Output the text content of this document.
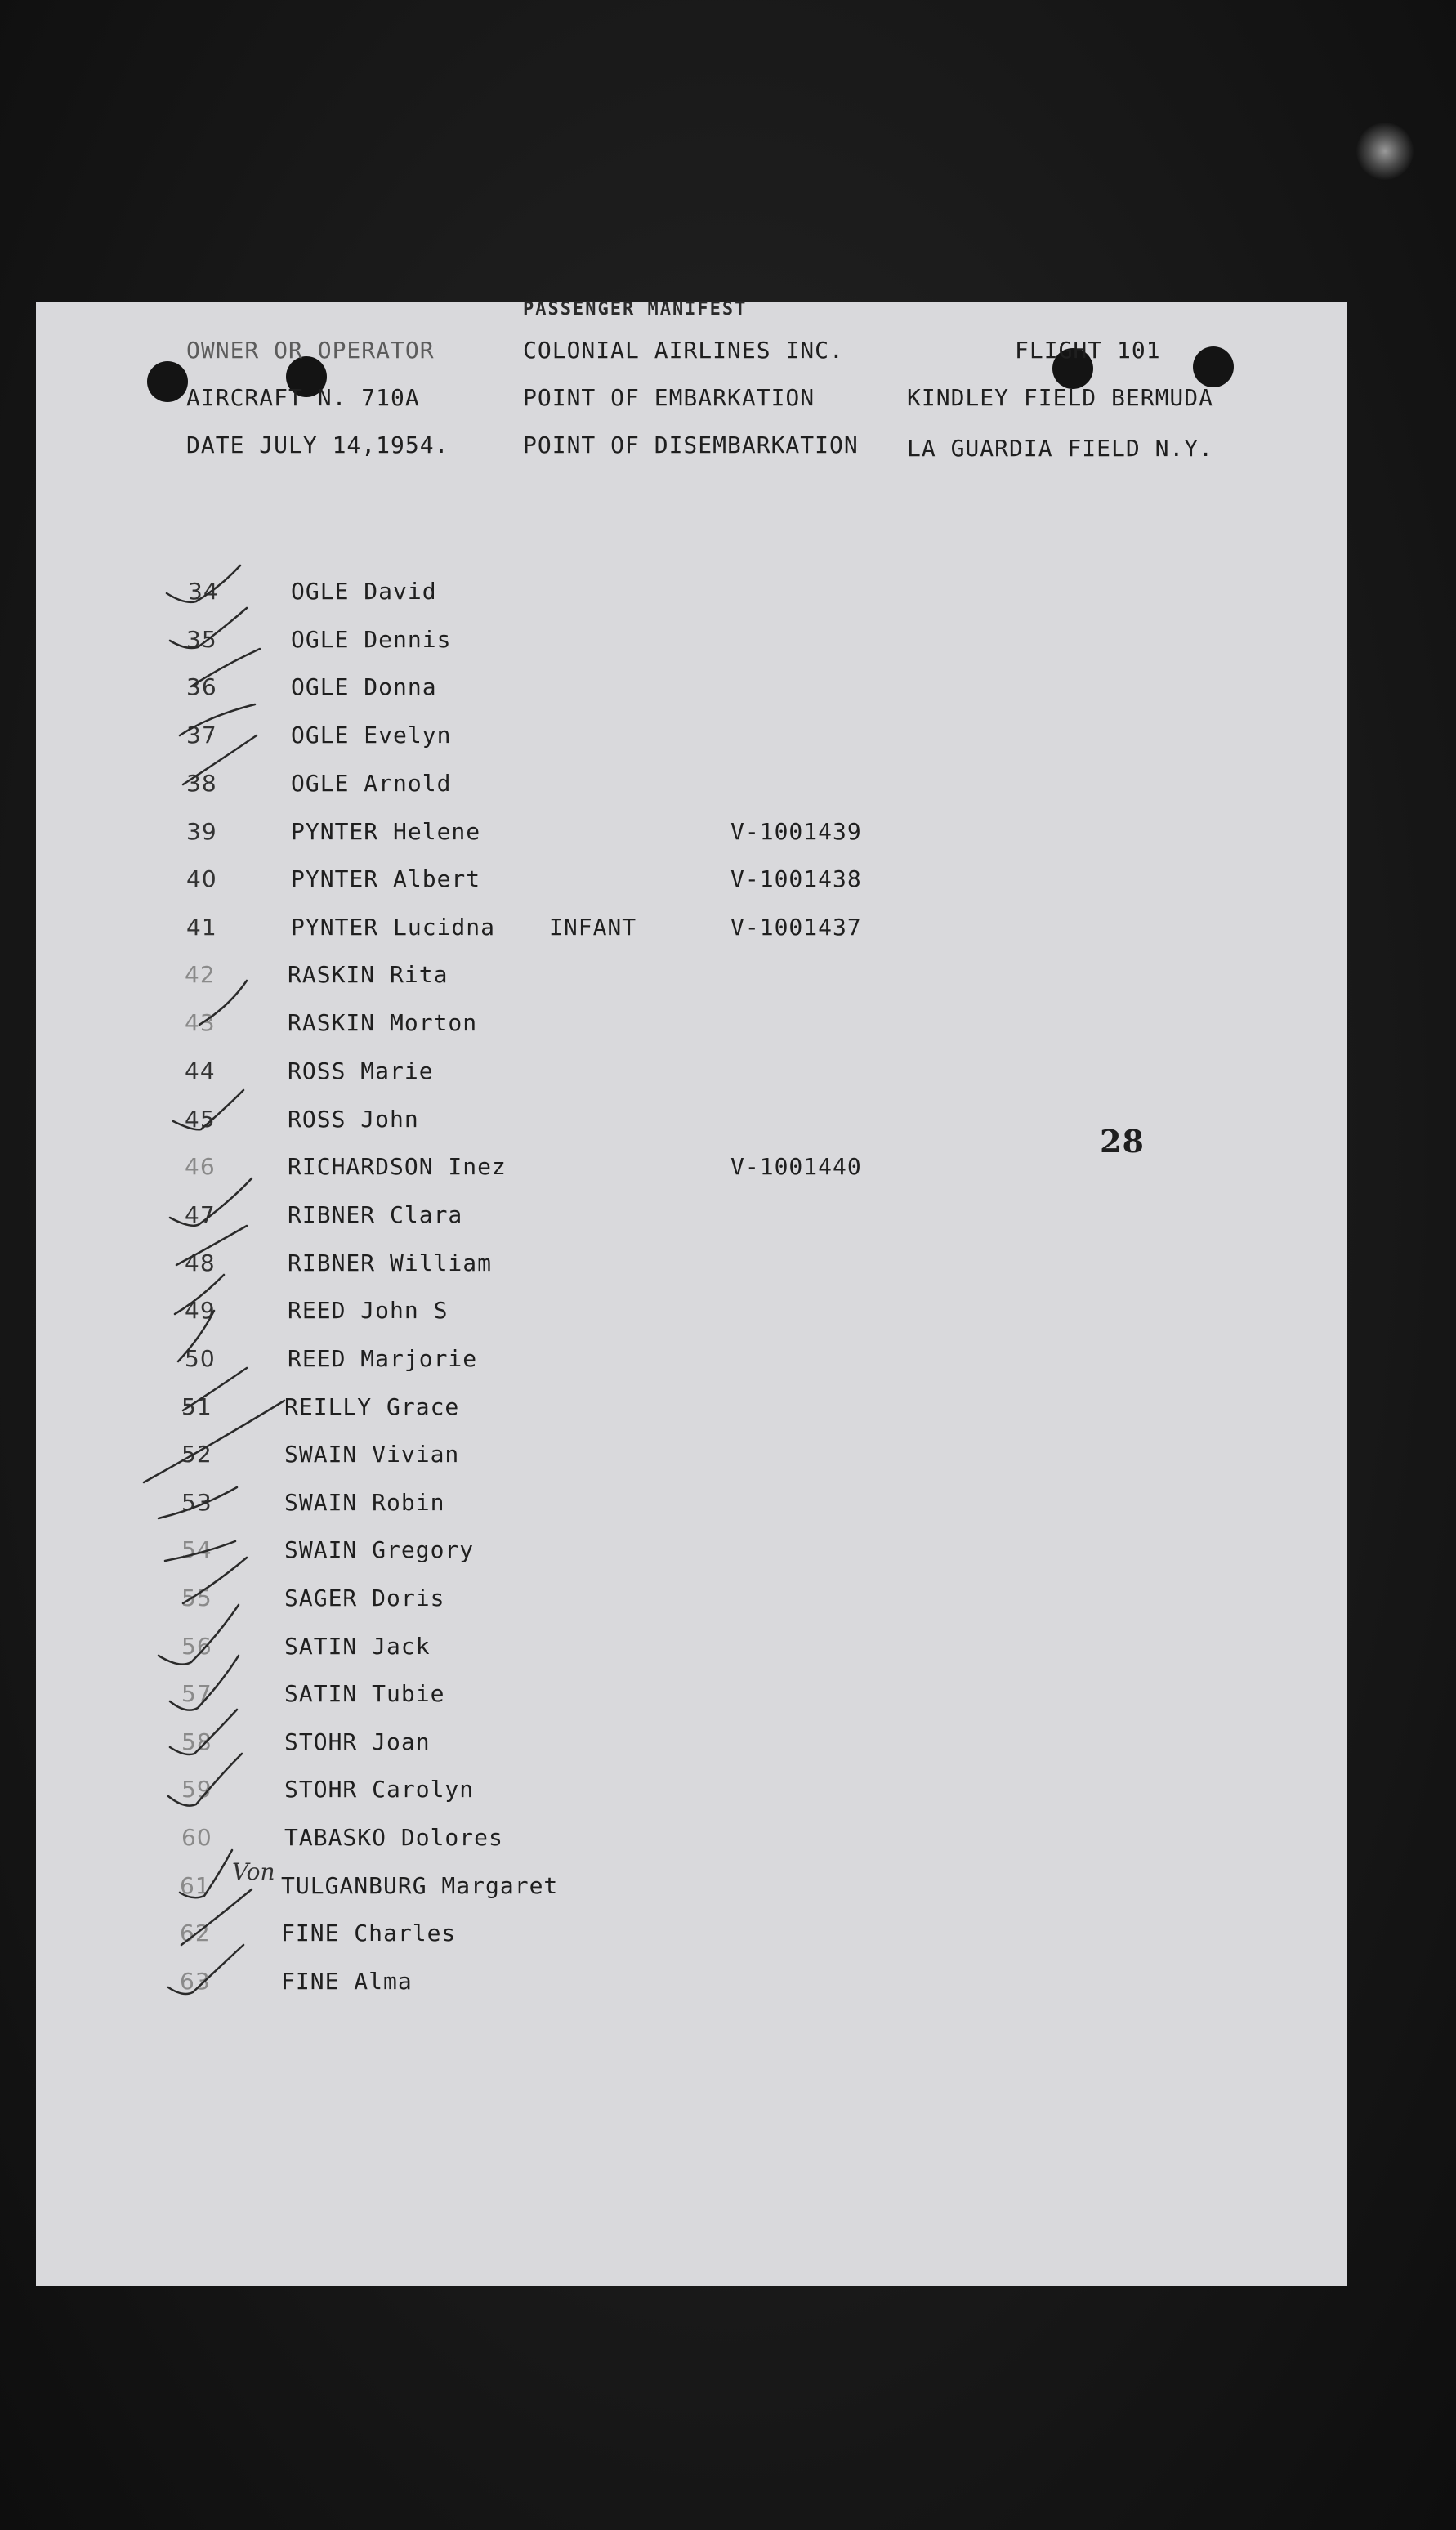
PASSENGER MANIFEST
OWNER OR OPERATOR	COLONIAL AIRLINES INC.	FLIGHT 101
AIRCRAFT N. 710A	POINT OF EMBARKATION	KINDLEY FIELD BERMUDA
DATE JULY 14,1954.	POINT OF DISEMBARKATION LA GUARDIA FIELD N.Y.
28
Von
34	OGLE David
35	OGLE Dennis
36	OGLE Donna
37	OGLE Evelyn
38	OGLE Arnold
39	PYNTER Helene	V-1001439
40	PYNTER Albert	V-1001438
41	PYNTER Lucidna INFANT	V-1001437
42	RASKIN Rita
43	RASKIN Morton
44	ROSS Marie
45	ROSS John
46	RICHARDSON Inez	V-1001440
47	RIBNER Clara
48	RIBNER William
49	REED John S
50	REED Marjorie
51	REILLY Grace
52	SWAIN Vivian
53	SWAIN Robin
54	SWAIN Gregory
55	SAGER Doris
56	SATIN Jack
57	SATIN Tubie
58	STOHR Joan
59	STOHR Carolyn
60	TABASKO Dolores
61	TULGANBURG Margaret
62	FINE Charles
63	FINE Alma
